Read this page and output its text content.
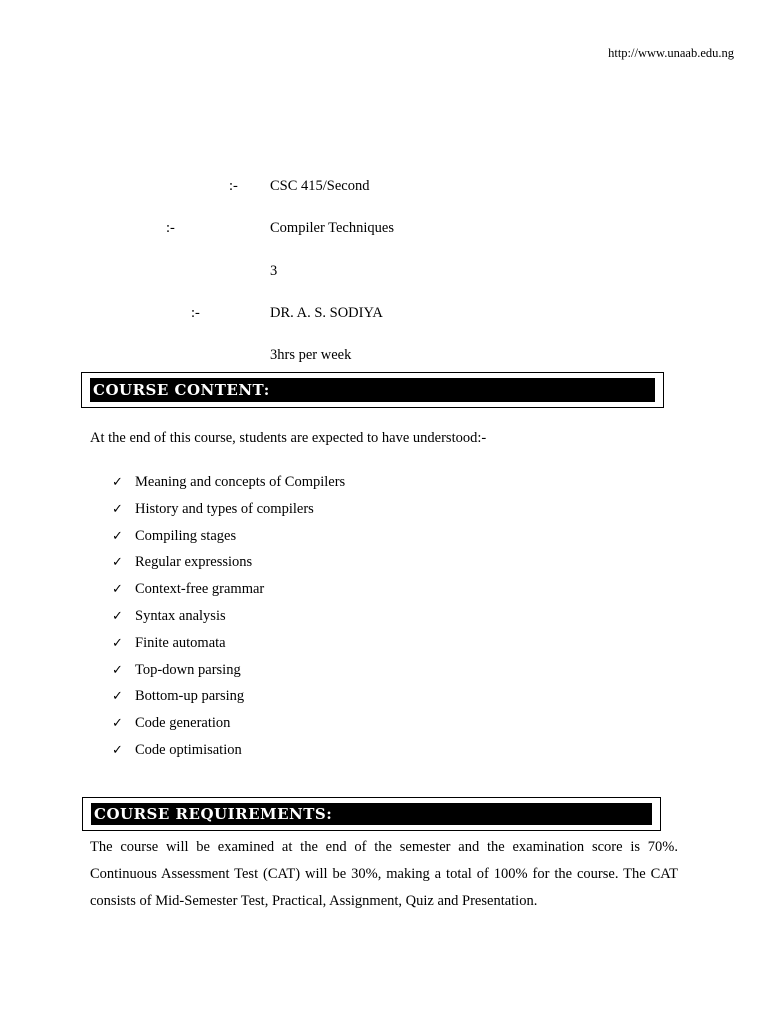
http://www.unaab.edu.ng
:- CSC 415/Second
:-	Compiler Techniques
3
:-	DR. A. S. SODIYA
3hrs per week
COURSE CONTENT:
At the end of this course, students are expected to have understood:-
✓ Meaning and concepts of Compilers
✓ History and types of compilers
✓ Compiling stages
✓ Regular expressions
✓ Context-free grammar
✓ Syntax analysis
✓ Finite automata
✓ Top-down parsing
✓ Bottom-up parsing
✓ Code generation
✓ Code optimisation
COURSE REQUIREMENTS:
The course will be examined at the end of the semester and the examination score is 70%. Continuous Assessment Test (CAT) will be 30%, making a total of 100% for the course. The CAT consists of Mid-Semester Test, Practical, Assignment, Quiz and Presentation.
